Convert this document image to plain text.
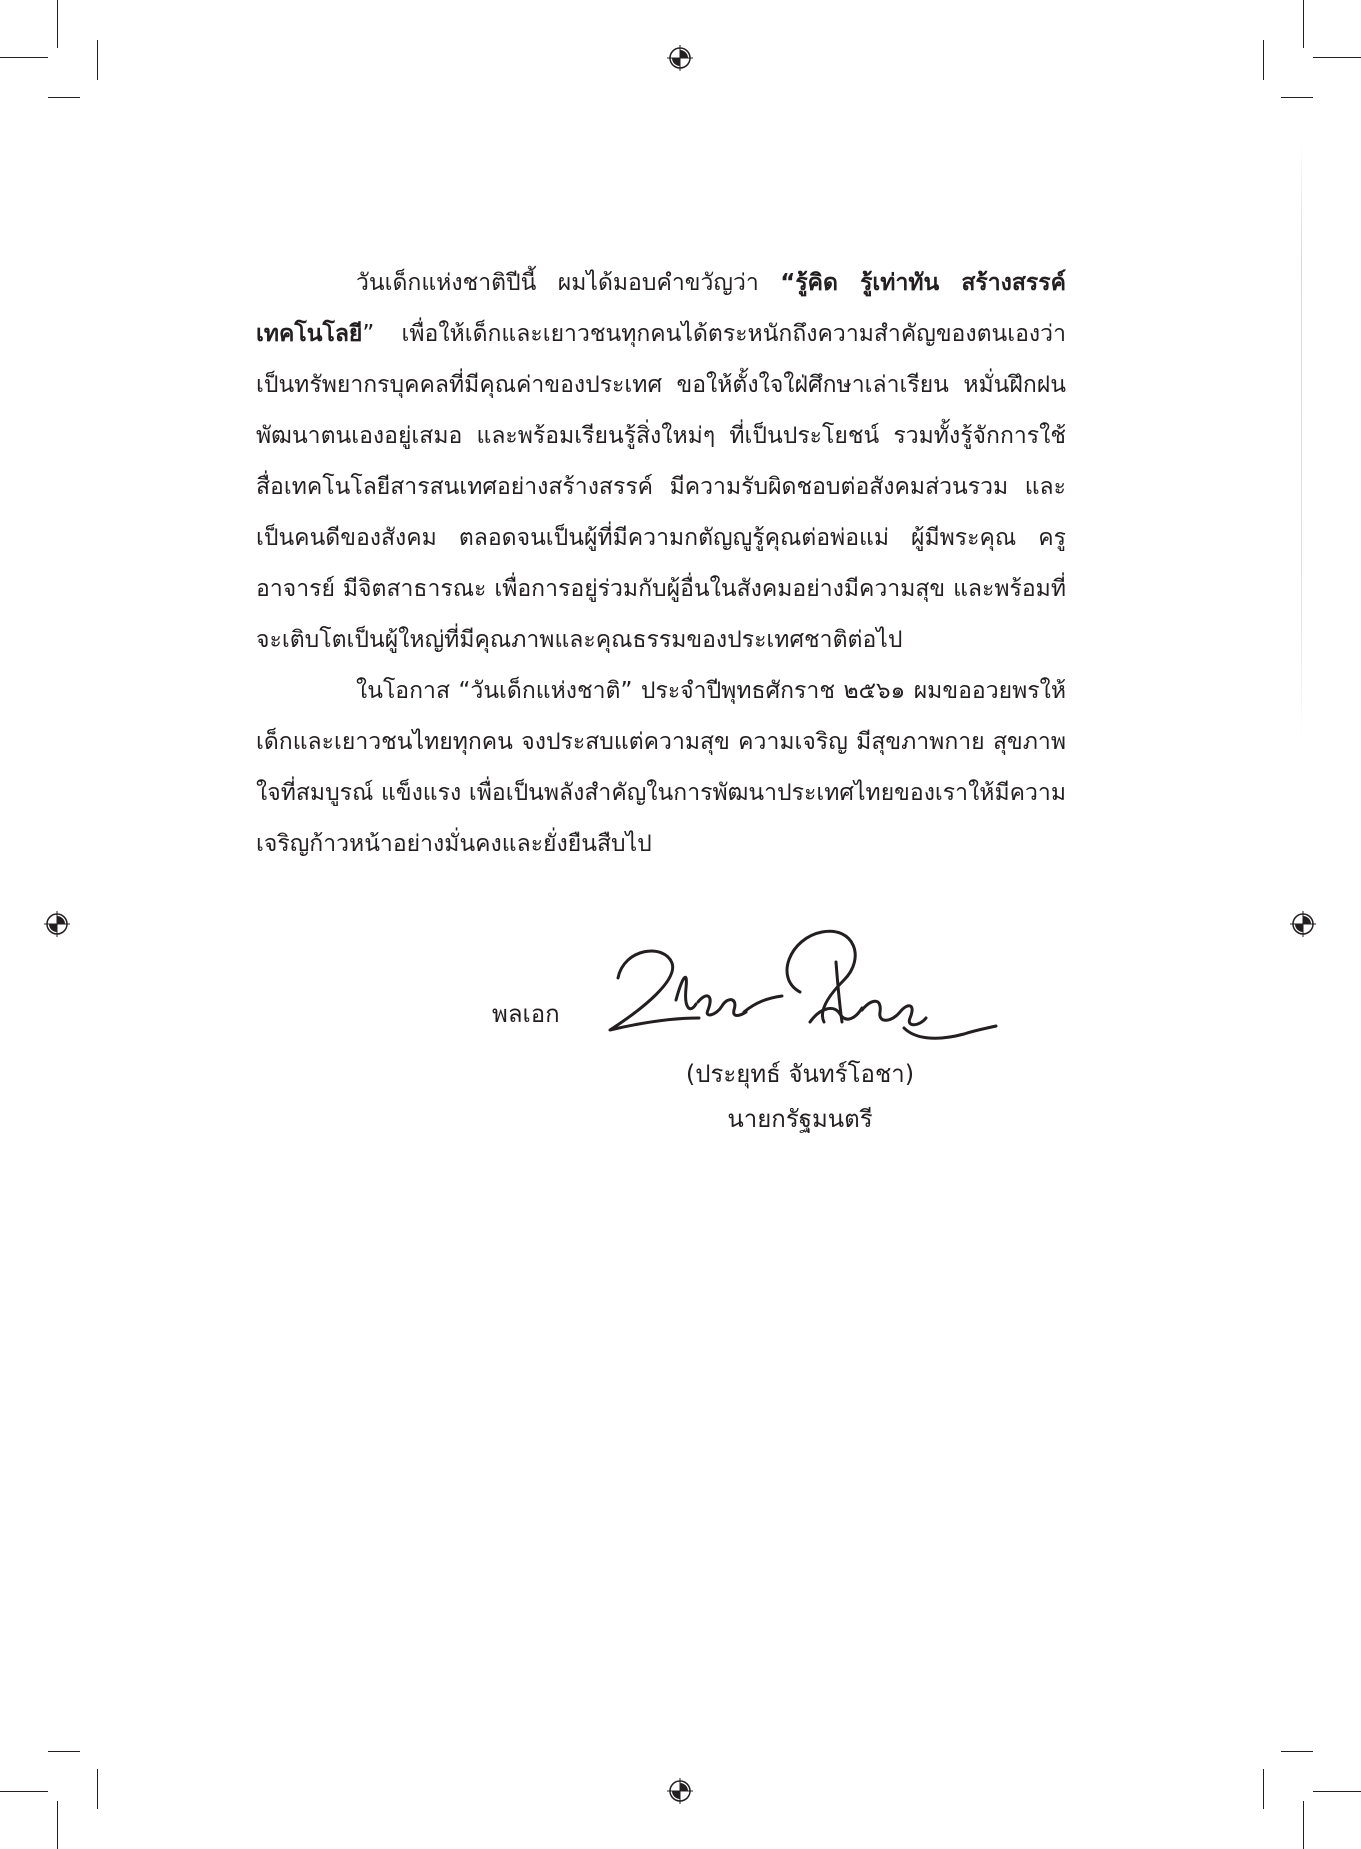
วันเด็กแห่งชาติปีนี้ ผมได้มอบคำขวัญว่า “รู้คิด รู้เท่าทัน สร้างสรรค์เทคโนโลยี” เพื่อให้เด็กและเยาวชนทุกคนได้ตระหนักถึงความสำคัญของตนเองว่า เป็นทรัพยากรบุคคลที่มีคุณค่าของประเทศ ขอให้ตั้งใจใฝ่ศึกษาเล่าเรียน หมั่นฝึกฝนพัฒนาตนเองอยู่เสมอ และพร้อมเรียนรู้สิ่งใหม่ๆ ที่เป็นประโยชน์ รวมทั้งรู้จักการใช้สื่อเทคโนโลยีสารสนเทศอย่างสร้างสรรค์ มีความรับผิดชอบต่อสังคมส่วนรวม และเป็นคนดีของสังคม ตลอดจนเป็นผู้ที่มีความกตัญญูรู้คุณต่อพ่อแม่ ผู้มีพระคุณ ครูอาจารย์ มีจิตสาธารณะ เพื่อการอยู่ร่วมกับผู้อื่นในสังคมอย่างมีความสุข และพร้อมที่จะเติบโตเป็นผู้ใหญ่ที่มีคุณภาพและคุณธรรมของประเทศชาติต่อไป

ในโอกาส “วันเด็กแห่งชาติ” ประจำปีพุทธศักราช ๒๕๖๑ ผมขออวยพรให้เด็กและเยาวชนไทยทุกคน จงประสบแต่ความสุข ความเจริญ มีสุขภาพกาย สุขภาพใจที่สมบูรณ์ แข็งแรง เพื่อเป็นพลังสำคัญในการพัฒนาประเทศไทยของเราให้มีความเจริญก้าวหน้าอย่างมั่นคงและยั่งยืนสืบไป

พลเอก
(ประยุทธ์ จันทร์โอชา)
นายกรัฐมนตรี
